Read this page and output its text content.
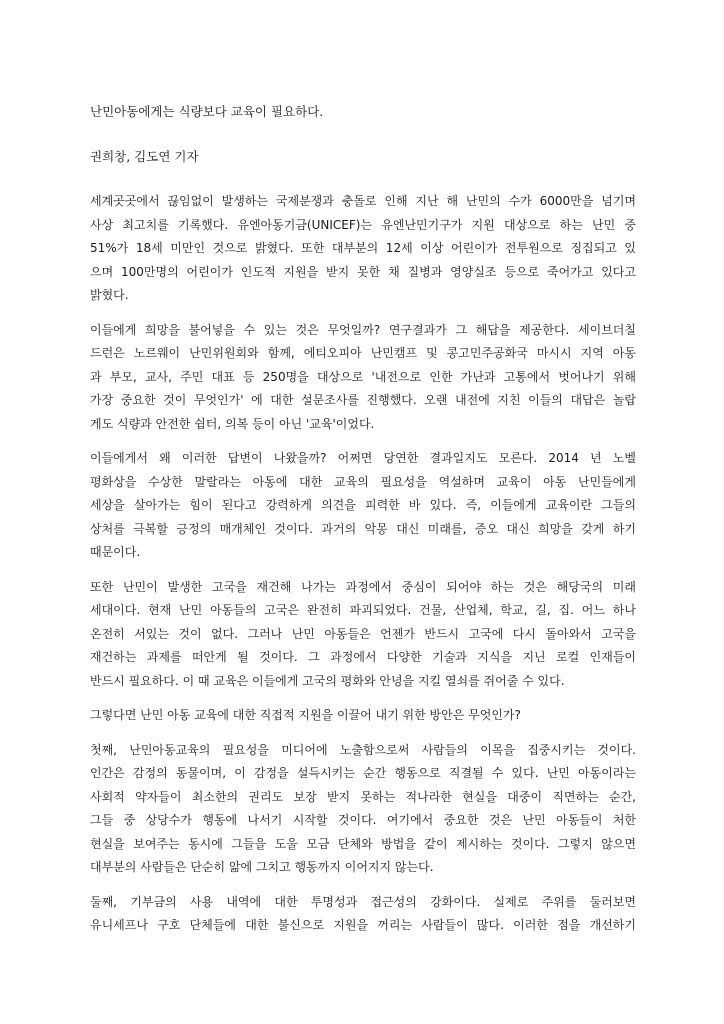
난민아동에게는 식량보다 교육이 필요하다.

권희창, 김도연 기자

세계곳곳에서 끊임없이 발생하는 국제분쟁과 충돌로 인해 지난 해 난민의 수가 6000만을 넘기며
사상 최고치를 기록했다. 유엔아동기금(UNICEF)는 유엔난민기구가 지원 대상으로 하는 난민 중
51%가 18세 미만인 것으로 밝혔다. 또한 대부분의 12세 이상 어린이가 전투원으로 징집되고 있
으며 100만명의 어린이가 인도적 지원을 받지 못한 채 질병과 영양실조 등으로 죽어가고 있다고
밝혔다.
이들에게 희망을 불어넣을 수 있는 것은 무엇일까? 연구결과가 그 해답을 제공한다. 세이브더칠
드런은 노르웨이 난민위원회와 함께, 에티오피아 난민캠프 및 콩고민주공화국 마시시 지역 아동
과 부모, 교사, 주민 대표 등 250명을 대상으로 '내전으로 인한 가난과 고통에서 벗어나기 위해
가장 중요한 것이 무엇인가' 에 대한 설문조사를 진행했다. 오랜 내전에 지친 이들의 대답은 놀랍
게도 식량과 안전한 쉼터, 의복 등이 아닌 '교육'이었다.
이들에게서 왜 이러한 답변이 나왔을까? 어쩌면 당연한 결과일지도 모른다. 2014 년 노벨
평화상을 수상한 말랄라는 아동에 대한 교육의 필요성을 역설하며 교육이 아동 난민들에게
세상을 살아가는 힘이 된다고 강력하게 의견을 피력한 바 있다. 즉, 이들에게 교육이란 그들의
상처를 극복할 긍정의 매개체인 것이다. 과거의 악몽 대신 미래를, 증오 대신 희망을 갖게 하기
때문이다.
또한 난민이 발생한 고국을 재건해 나가는 과정에서 중심이 되어야 하는 것은 해당국의 미래
세대이다. 현재 난민 아동들의 고국은 완전히 파괴되었다. 건물, 산업체, 학교, 길, 집. 어느 하나
온전히 서있는 것이 없다. 그러나 난민 아동들은 언젠가 반드시 고국에 다시 돌아와서 고국을
재건하는 과제를 떠안게 될 것이다. 그 과정에서 다양한 기술과 지식을 지닌 로컬 인재들이
반드시 필요하다. 이 때 교육은 이들에게 고국의 평화와 안녕을 지킬 열쇠를 쥐어줄 수 있다.
그렇다면 난민 아동 교육에 대한 직접적 지원을 이끌어 내기 위한 방안은 무엇인가?
첫째, 난민아동교육의 필요성을 미디어에 노출함으로써 사람들의 이목을 집중시키는 것이다.
인간은 감정의 동물이며, 이 감정을 설득시키는 순간 행동으로 직결될 수 있다. 난민 아동이라는
사회적 약자들이 최소한의 권리도 보장 받지 못하는 적나라한 현실을 대중이 직면하는 순간,
그들 중 상당수가 행동에 나서기 시작할 것이다. 여기에서 중요한 것은 난민 아동들이 처한
현실을 보여주는 동시에 그들을 도울 모금 단체와 방법을 같이 제시하는 것이다. 그렇지 않으면
대부분의 사람들은 단순히 앎에 그치고 행동까지 이어지지 않는다.
둘째, 기부금의 사용 내역에 대한 투명성과 접근성의 강화이다. 실제로 주위를 둘러보면
유니세프나 구호 단체들에 대한 불신으로 지원을 꺼리는 사람들이 많다. 이러한 점을 개선하기
